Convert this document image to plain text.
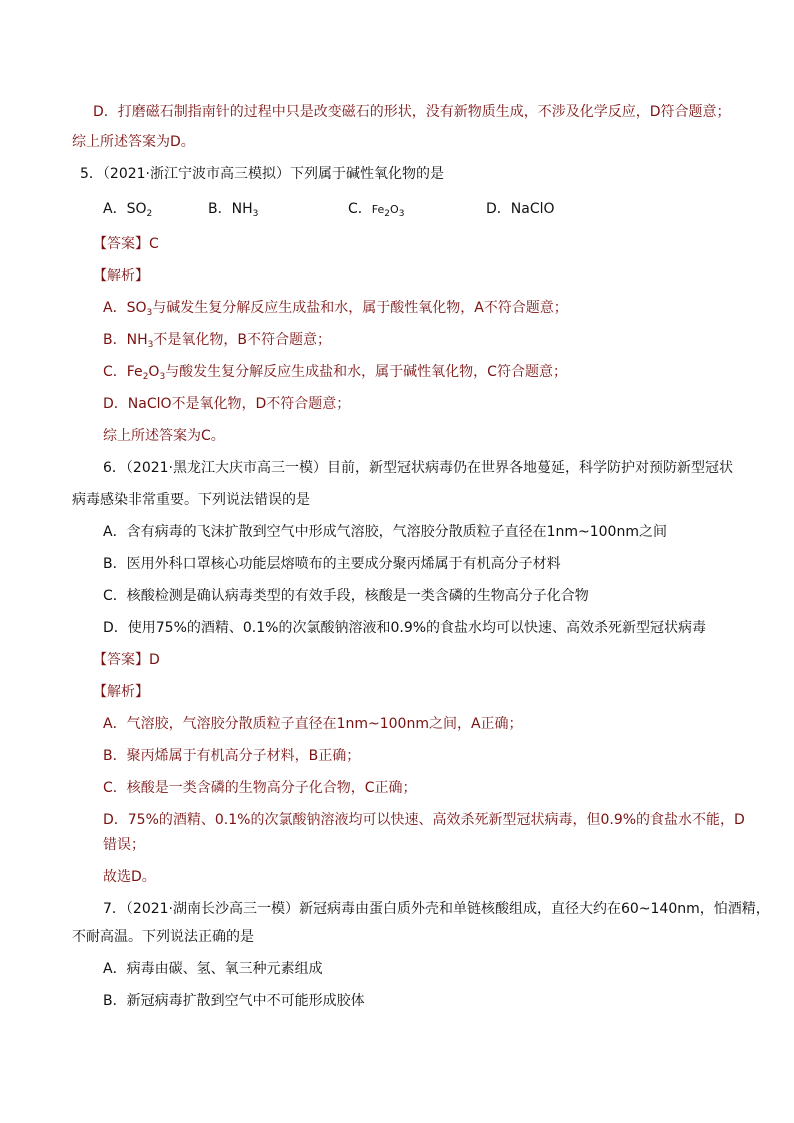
D．打磨磁石制指南针的过程中只是改变磁石的形状，没有新物质生成，不涉及化学反应，D符合题意；
综上所述答案为D。
5．（2021·浙江宁波市高三模拟）下列属于碱性氧化物的是
A．$SO_2$	B．$NH_3$	C．$Fe_2O_3$	D．NaClO
【答案】C
【解析】
A．$SO_3$与碱发生复分解反应生成盐和水，属于酸性氧化物，A不符合题意；
B．$NH_3$不是氧化物，B不符合题意；
C．$Fe_2O_3$与酸发生复分解反应生成盐和水，属于碱性氧化物，C符合题意；
D．NaClO不是氧化物，D不符合题意；
综上所述答案为C。
6．（2021·黑龙江大庆市高三一模）目前，新型冠状病毒仍在世界各地蔓延，科学防护对预防新型冠状
病毒感染非常重要。下列说法错误的是
A．含有病毒的飞沫扩散到空气中形成气溶胶，气溶胶分散质粒子直径在1nm~100nm之间
B．医用外科口罩核心功能层熔喷布的主要成分聚丙烯属于有机高分子材料
C．核酸检测是确认病毒类型的有效手段，核酸是一类含磷的生物高分子化合物
D．使用75%的酒精、0.1%的次氯酸钠溶液和0.9%的食盐水均可以快速、高效杀死新型冠状病毒
【答案】D
【解析】
A．气溶胶，气溶胶分散质粒子直径在1nm~100nm之间，A正确；
B．聚丙烯属于有机高分子材料，B正确；
C．核酸是一类含磷的生物高分子化合物，C正确；
D．75%的酒精、0.1%的次氯酸钠溶液均可以快速、高效杀死新型冠状病毒，但0.9%的食盐水不能，D
错误；
故选D。
7．（2021·湖南长沙高三一模）新冠病毒由蛋白质外壳和单链核酸组成，直径大约在60~140nm，怕酒精，
不耐高温。下列说法正确的是
A．病毒由碳、氢、氧三种元素组成
B．新冠病毒扩散到空气中不可能形成胶体
